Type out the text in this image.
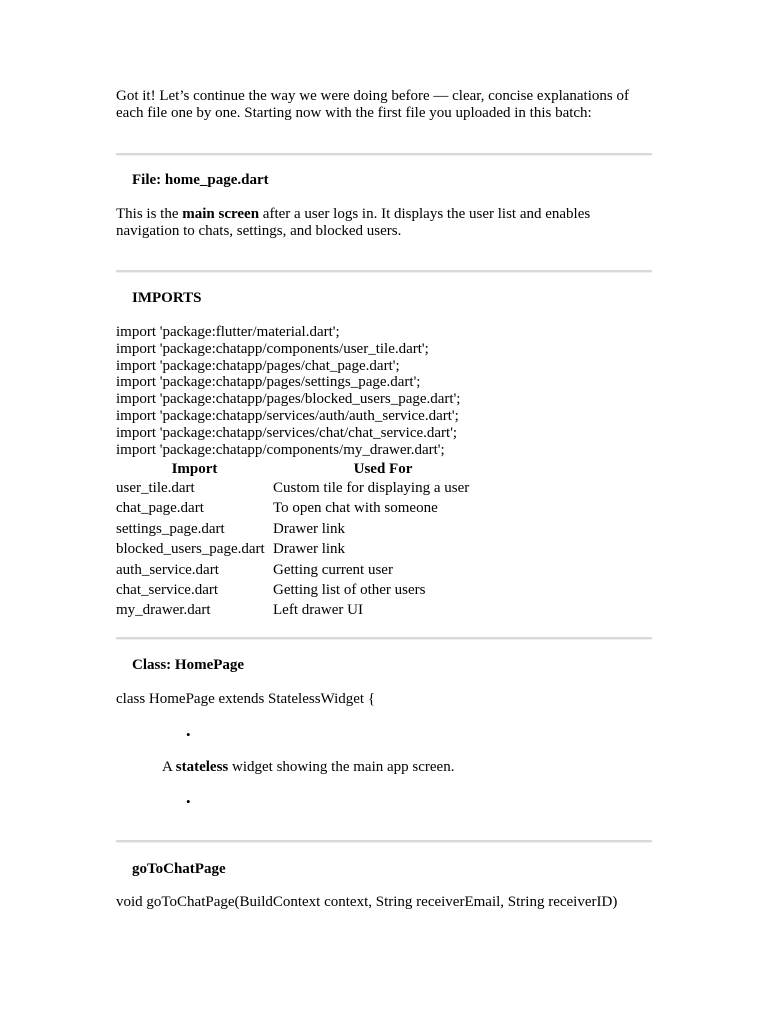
Got it! Let’s continue the way we were doing before — clear, concise explanations of each file one by one. Starting now with the first file you uploaded in this batch:
File: home_page.dart
This is the main screen after a user logs in. It displays the user list and enables navigation to chats, settings, and blocked users.
IMPORTS
import 'package:flutter/material.dart';
import 'package:chatapp/components/user_tile.dart';
import 'package:chatapp/pages/chat_page.dart';
import 'package:chatapp/pages/settings_page.dart';
import 'package:chatapp/pages/blocked_users_page.dart';
import 'package:chatapp/services/auth/auth_service.dart';
import 'package:chatapp/services/chat/chat_service.dart';
import 'package:chatapp/components/my_drawer.dart';
Import	Used For
user_tile.dart	Custom tile for displaying a user
chat_page.dart	To open chat with someone
settings_page.dart	Drawer link
blocked_users_page.dart	Drawer link
auth_service.dart	Getting current user
chat_service.dart	Getting list of other users
my_drawer.dart	Left drawer UI
Class: HomePage
class HomePage extends StatelessWidget {
•
A stateless widget showing the main app screen.
•
goToChatPage
void goToChatPage(BuildContext context, String receiverEmail, String receiverID)
